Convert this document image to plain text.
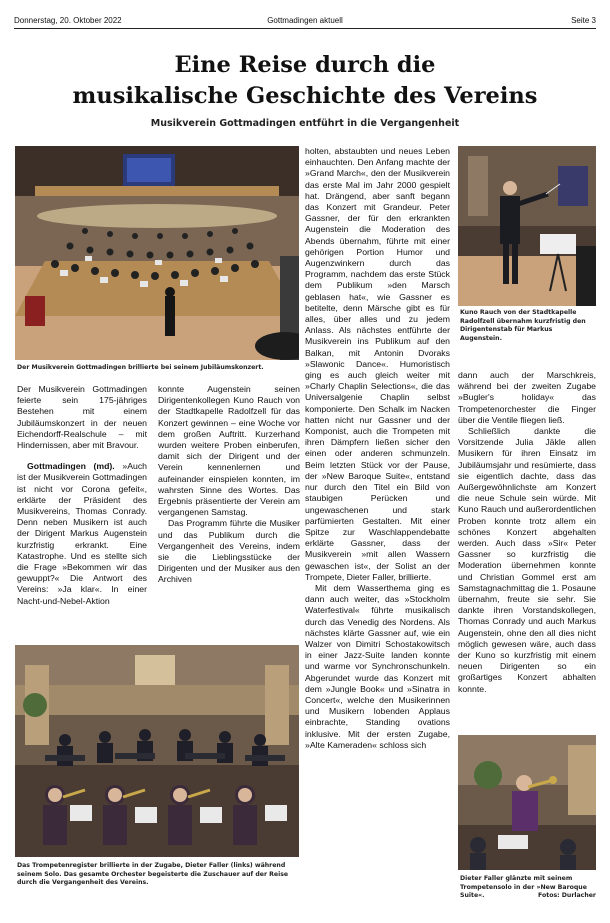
Donnerstag, 20. Oktober 2022	Gottmadingen aktuell	Seite 3
Eine Reise durch die
musikalische Geschichte des Vereins
Musikverein Gottmadingen entführt in die Vergangenheit
Der Musikverein Gottmadingen brillierte bei seinem Jubiläumskonzert.

Der Musikverein Gottmadingen feierte sein 175-jähriges Bestehen mit einem Jubiläumskonzert in der neuen Eichendorff-Realschule – mit Hindernissen, aber mit Bravour.

Gottmadingen (md). »Auch ist der Musikverein Gottmadingen ist nicht vor Corona gefeit«, erklärte der Präsident des Musikvereins, Thomas Conrady. Denn neben Musikern ist auch der Dirigent Markus Augenstein kurzfristig erkrankt. Eine Katastrophe. Und es stellte sich die Frage »Bekommen wir das gewuppt?« Die Antwort des Vereins: »Ja klar«. In einer Nacht-und-Nebel-Aktion

konnte Augenstein seinen Dirigentenkollegen Kuno Rauch von der Stadtkapelle Radolfzell für das Konzert gewinnen – eine Woche vor dem großen Auftritt. Kurzerhand wurden weitere Proben einberufen, damit sich der Dirigent und der Verein kennenlernen und aufeinander einspielen konnten, im wahrsten Sinne des Wortes. Das Ergebnis präsentierte der Verein am vergangenen Samstag.

Das Programm führte die Musiker und das Publikum durch die Vergangenheit des Vereins, indem sie die Lieblingsstücke der Dirigenten und der Musiker aus den Archiven

holten, abstaubten und neues Leben einhauchten. Den Anfang machte der »Grand March«, den der Musikverein das erste Mal im Jahr 2000 gespielt hat. Drängend, aber sanft begann das Konzert mit Grandeur. Peter Gassner, der für den erkrankten Augenstein die Moderation des Abends übernahm, führte mit einer gehörigen Portion Humor und Augenzwinkern durch das Programm, nachdem das erste Stück dem Publikum »den Marsch geblasen hat«, wie Gassner es betitelte, denn Märsche gibt es für alles, über alles und zu jedem Anlass. Als nächstes entführte der Musikverein ins Publikum auf den Balkan, mit Antonin Dvoraks »Slawonic Dance«. Humoristisch ging es auch gleich weiter mit »Charly Chaplin Selections«, die das Universalgenie Chaplin selbst komponierte. Den Schalk im Nacken hatten nicht nur Gassner und der Komponist, auch die Trompeten mit ihren Dämpfern ließen sicher den einen oder anderen schmunzeln. Beim letzten Stück vor der Pause, der »New Baroque Suite«, entstand nur durch den Titel ein Bild von staubigen Perücken und ungewaschenen und stark parfümierten Gestalten. Mit einer Spitze zur Waschlappendebatte erklärte Gassner, dass der Musikverein »mit allen Wassern gewaschen ist«, der Solist an der Trompete, Dieter Faller, brillierte.

Mit dem Wasserthema ging es dann auch weiter, das »Stockholm Waterfestival« führte musikalisch durch das Venedig des Nordens. Als nächstes klärte Gassner auf, wie ein Walzer von Dimitri Schostakowitsch in einer Jazz-Suite landen konnte und warme vor Synchronschunkeln. Abgerundet wurde das Konzert mit dem »Jungle Book« und »Sinatra in Concert«, welche den Musikerinnen und Musikern lobenden Applaus einbrachte, Standing ovations inklusive. Mit der ersten Zugabe, »Alte Kameraden« schloss sich

Kuno Rauch von der Stadtkapelle Radolfzell übernahm kurzfristig den Dirigentenstab für Markus Augenstein.

dann auch der Marschkreis, während bei der zweiten Zugabe »Bugler's holiday« das Trompetenorchester die Finger über die Ventile fliegen ließ.

Schließlich dankte die Vorsitzende Julia Jäkle allen Musikern für ihren Einsatz im Jubiläumsjahr und resümierte, dass sie eigentlich dachte, dass das Außergewöhnlichste am Konzert die neue Schule sein würde. Mit Kuno Rauch und außerordentlichen Proben konnte trotz allem ein schönes Konzert abgehalten werden. Auch dass »Sir« Peter Gassner so kurzfristig die Moderation übernehmen konnte und Christian Gommel erst am Samstagnachmittag die 1. Posaune übernahm, freute sie sehr. Sie dankte ihren Vorstandskollegen, Thomas Conrady und auch Markus Augenstein, ohne den all dies nicht möglich gewesen wäre, auch dass der Kuno so kurzfristig mit einem neuen Dirigenten so ein großartiges Konzert abhalten konnte.

Das Trompetenregister brillierte in der Zugabe, Dieter Faller (links) während seinem Solo. Das gesamte Orchester begeisterte die Zuschauer auf der Reise durch die Vergangenheit des Vereins.
Dieter Faller glänzte mit seinem Trompetensolo in der »New Baroque Suite«.	Fotos: Durlacher
